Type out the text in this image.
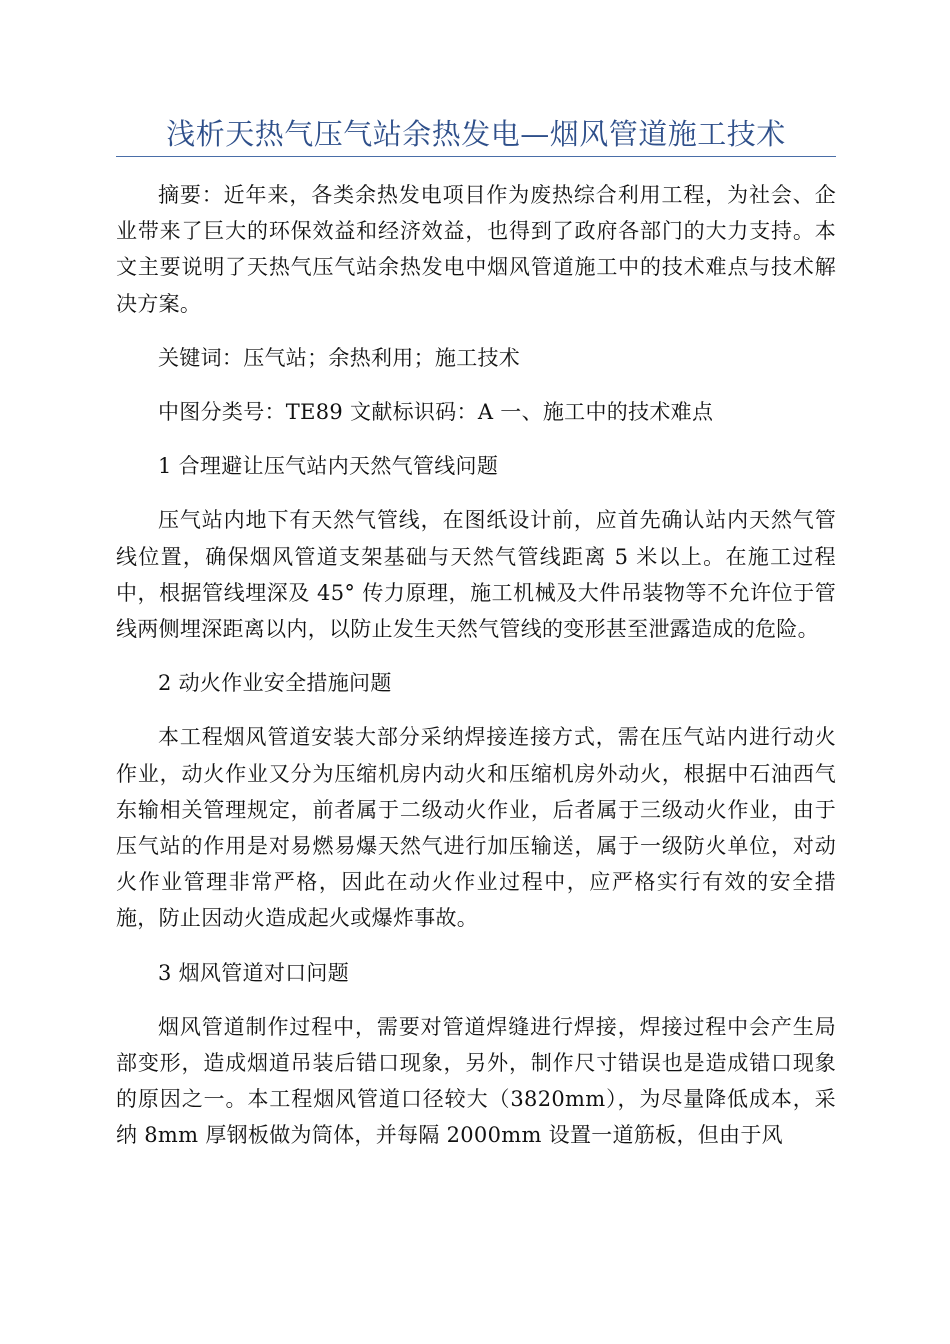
浅析天热气压气站余热发电—烟风管道施工技术

摘要：近年来，各类余热发电项目作为废热综合利用工程，为社会、企业带来了巨大的环保效益和经济效益，也得到了政府各部门的大力支持。本文主要说明了天热气压气站余热发电中烟风管道施工中的技术难点与技术解决方案。

关键词：压气站；余热利用；施工技术

中图分类号：TE89 文献标识码：A 一、施工中的技术难点

1 合理避让压气站内天然气管线问题

压气站内地下有天然气管线，在图纸设计前，应首先确认站内天然气管线位置，确保烟风管道支架基础与天然气管线距离 5 米以上。在施工过程中，根据管线埋深及 45° 传力原理，施工机械及大件吊装物等不允许位于管线两侧埋深距离以内，以防止发生天然气管线的变形甚至泄露造成的危险。

2 动火作业安全措施问题

本工程烟风管道安装大部分采纳焊接连接方式，需在压气站内进行动火作业，动火作业又分为压缩机房内动火和压缩机房外动火，根据中石油西气东输相关管理规定，前者属于二级动火作业，后者属于三级动火作业，由于压气站的作用是对易燃易爆天然气进行加压输送，属于一级防火单位，对动火作业管理非常严格，因此在动火作业过程中，应严格实行有效的安全措施，防止因动火造成起火或爆炸事故。

3 烟风管道对口问题

烟风管道制作过程中，需要对管道焊缝进行焊接，焊接过程中会产生局部变形，造成烟道吊装后错口现象，另外，制作尺寸错误也是造成错口现象的原因之一。本工程烟风管道口径较大（3820mm），为尽量降低成本，采纳 8mm 厚钢板做为筒体，并每隔 2000mm 设置一道筋板，但由于风
